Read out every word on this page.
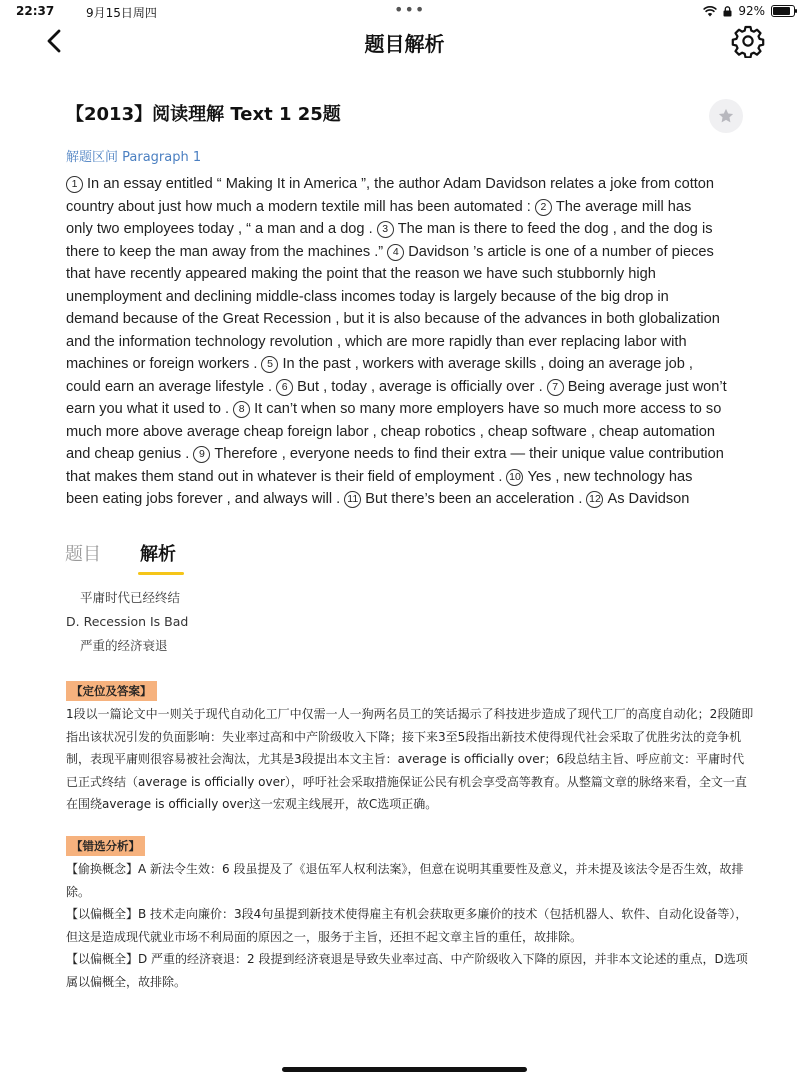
22:37	9月15日周四	•••	92%
题目解析
【2013】阅读理解 Text 1 25题
解题区间 Paragraph 1
1 In an essay entitled “ Making It in America ”, the author Adam Davidson relates a joke from cotton
country about just how much a modern textile mill has been automated : 2 The average mill has
only two employees today , “ a man and a dog . 3 The man is there to feed the dog , and the dog is
there to keep the man away from the machines .” 4 Davidson ’s article is one of a number of pieces
that have recently appeared making the point that the reason we have such stubbornly high
unemployment and declining middle-class incomes today is largely because of the big drop in
demand because of the Great Recession , but it is also because of the advances in both globalization
and the information technology revolution , which are more rapidly than ever replacing labor with
machines or foreign workers . 5 In the past , workers with average skills , doing an average job ,
could earn an average lifestyle . 6 But , today , average is officially over . 7 Being average just won’t
earn you what it used to . 8 It can’t when so many more employers have so much more access to so
much more above average cheap foreign labor , cheap robotics , cheap software , cheap automation
and cheap genius . 9 Therefore , everyone needs to find their extra — their unique value contribution
that makes them stand out in whatever is their field of employment . 10 Yes , new technology has
been eating jobs forever , and always will . 11 But there’s been an acceleration . 12 As Davidson
题目 解析
平庸时代已经终结
D. Recession Is Bad
严重的经济衰退
【定位及答案】
1段以一篇论文中一则关于现代自动化工厂中仅需一人一狗两名员工的笑话揭示了科技进步造成了现代工厂的高度自动化；2段随即指出该状况引发的负面影响：失业率过高和中产阶级收入下降；接下来3至5段指出新技术使得现代社会采取了优胜劣汰的竞争机制，表现平庸则很容易被社会淘汰，尤其是3段提出本文主旨：average is officially over；6段总结主旨、呼应前文：平庸时代已正式终结（average is officially over），呼吁社会采取措施保证公民有机会享受高等教育。从整篇文章的脉络来看，全文一直在围绕average is officially over这一宏观主线展开，故C选项正确。
【错选分析】

【偷换概念】A 新法令生效：6 段虽提及了《退伍军人权利法案》，但意在说明其重要性及意义，并未提及该法令是否生效，故排除。

【以偏概全】B 技术走向廉价：3段4句虽提到新技术使得雇主有机会获取更多廉价的技术（包括机器人、软件、自动化设备等），但这是造成现代就业市场不利局面的原因之一，服务于主旨，还担不起文章主旨的重任，故排除。

【以偏概全】D 严重的经济衰退：2 段提到经济衰退是导致失业率过高、中产阶级收入下降的原因，并非本文论述的重点，D选项属以偏概全，故排除。
